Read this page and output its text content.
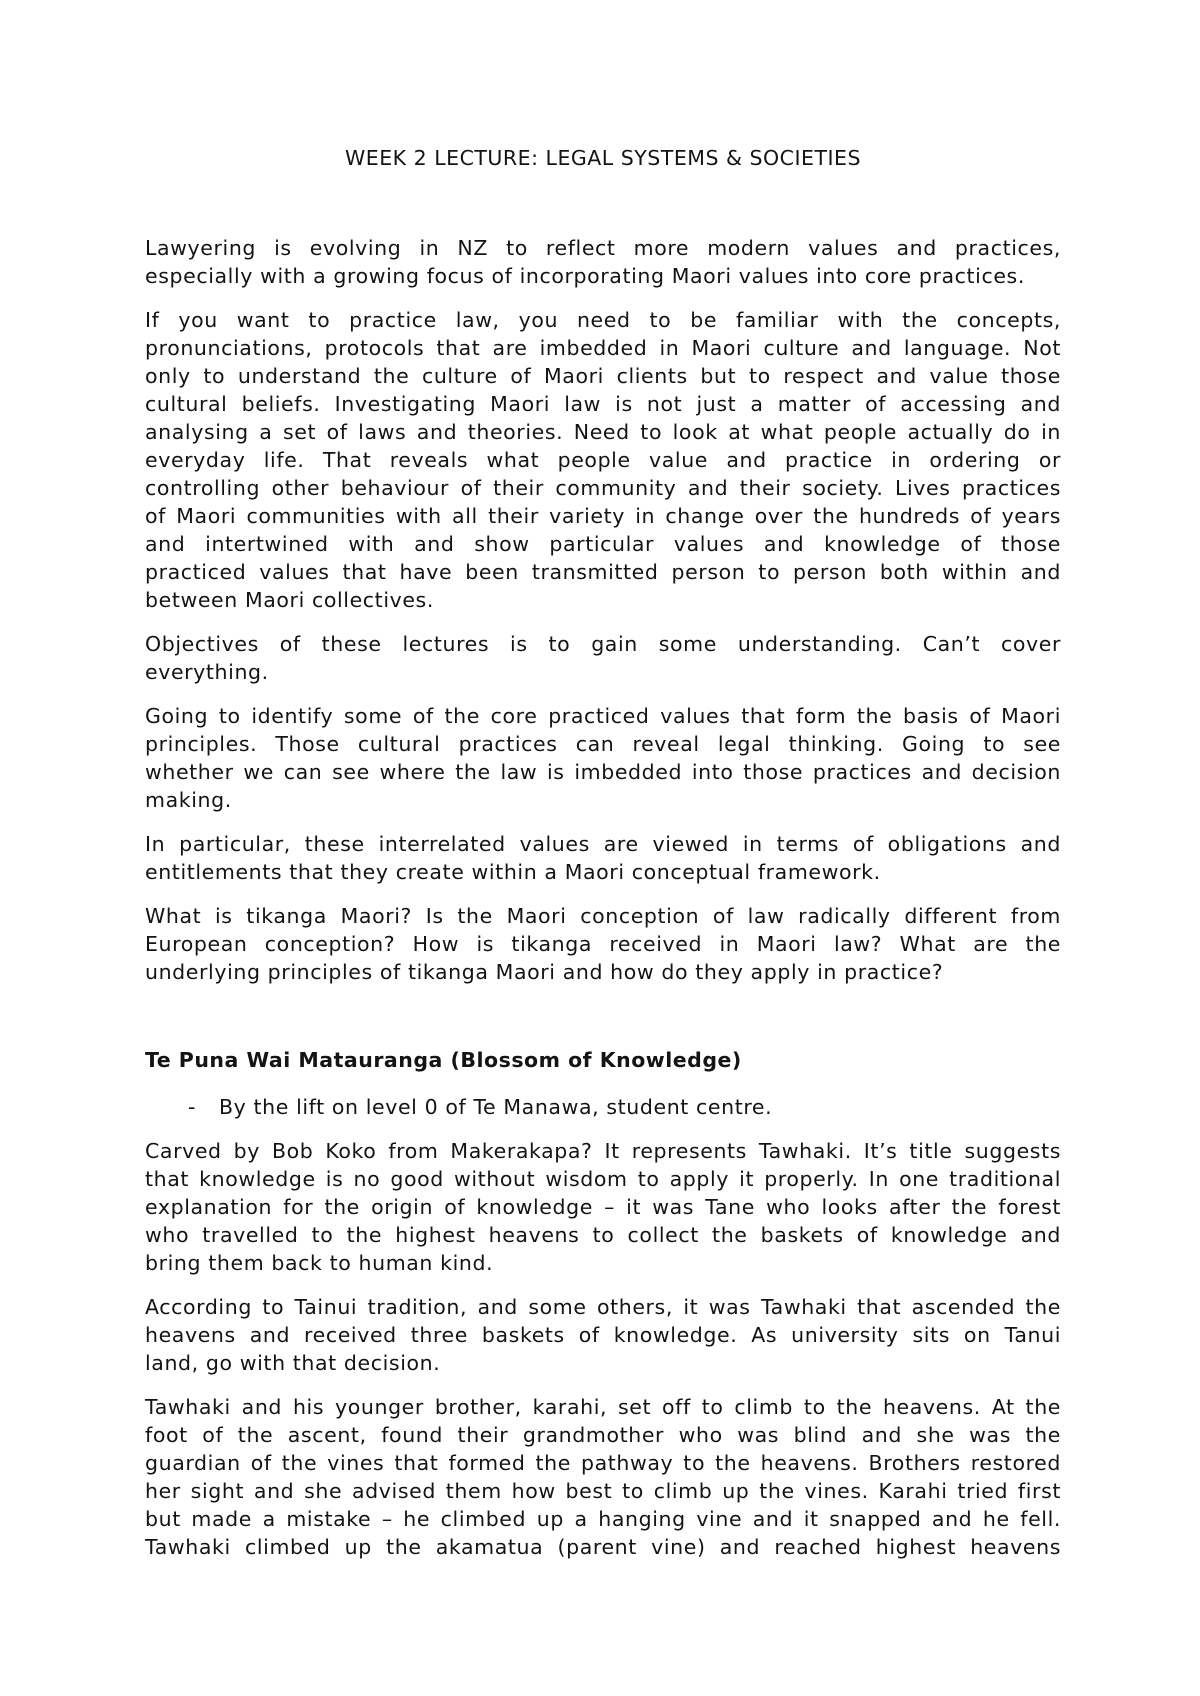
WEEK 2 LECTURE: LEGAL SYSTEMS & SOCIETIES
Lawyering is evolving in NZ to reflect more modern values and practices,
especially with a growing focus of incorporating Maori values into core practices.
If you want to practice law, you need to be familiar with the concepts,
pronunciations, protocols that are imbedded in Maori culture and language. Not
only to understand the culture of Maori clients but to respect and value those
cultural beliefs. Investigating Maori law is not just a matter of accessing and
analysing a set of laws and theories. Need to look at what people actually do in
everyday life. That reveals what people value and practice in ordering or
controlling other behaviour of their community and their society. Lives practices
of Maori communities with all their variety in change over the hundreds of years
and intertwined with and show particular values and knowledge of those
practiced values that have been transmitted person to person both within and
between Maori collectives.
Objectives of these lectures is to gain some understanding. Can’t cover
everything.
Going to identify some of the core practiced values that form the basis of Maori
principles. Those cultural practices can reveal legal thinking. Going to see
whether we can see where the law is imbedded into those practices and decision
making.
In particular, these interrelated values are viewed in terms of obligations and
entitlements that they create within a Maori conceptual framework.
What is tikanga Maori? Is the Maori conception of law radically different from
European conception? How is tikanga received in Maori law? What are the
underlying principles of tikanga Maori and how do they apply in practice?
Te Puna Wai Matauranga (Blossom of Knowledge)
- By the lift on level 0 of Te Manawa, student centre.
Carved by Bob Koko from Makerakapa? It represents Tawhaki. It’s title suggests
that knowledge is no good without wisdom to apply it properly. In one traditional
explanation for the origin of knowledge – it was Tane who looks after the forest
who travelled to the highest heavens to collect the baskets of knowledge and
bring them back to human kind.
According to Tainui tradition, and some others, it was Tawhaki that ascended the
heavens and received three baskets of knowledge. As university sits on Tanui
land, go with that decision.
Tawhaki and his younger brother, karahi, set off to climb to the heavens. At the
foot of the ascent, found their grandmother who was blind and she was the
guardian of the vines that formed the pathway to the heavens. Brothers restored
her sight and she advised them how best to climb up the vines. Karahi tried first
but made a mistake – he climbed up a hanging vine and it snapped and he fell.
Tawhaki climbed up the akamatua (parent vine) and reached highest heavens
